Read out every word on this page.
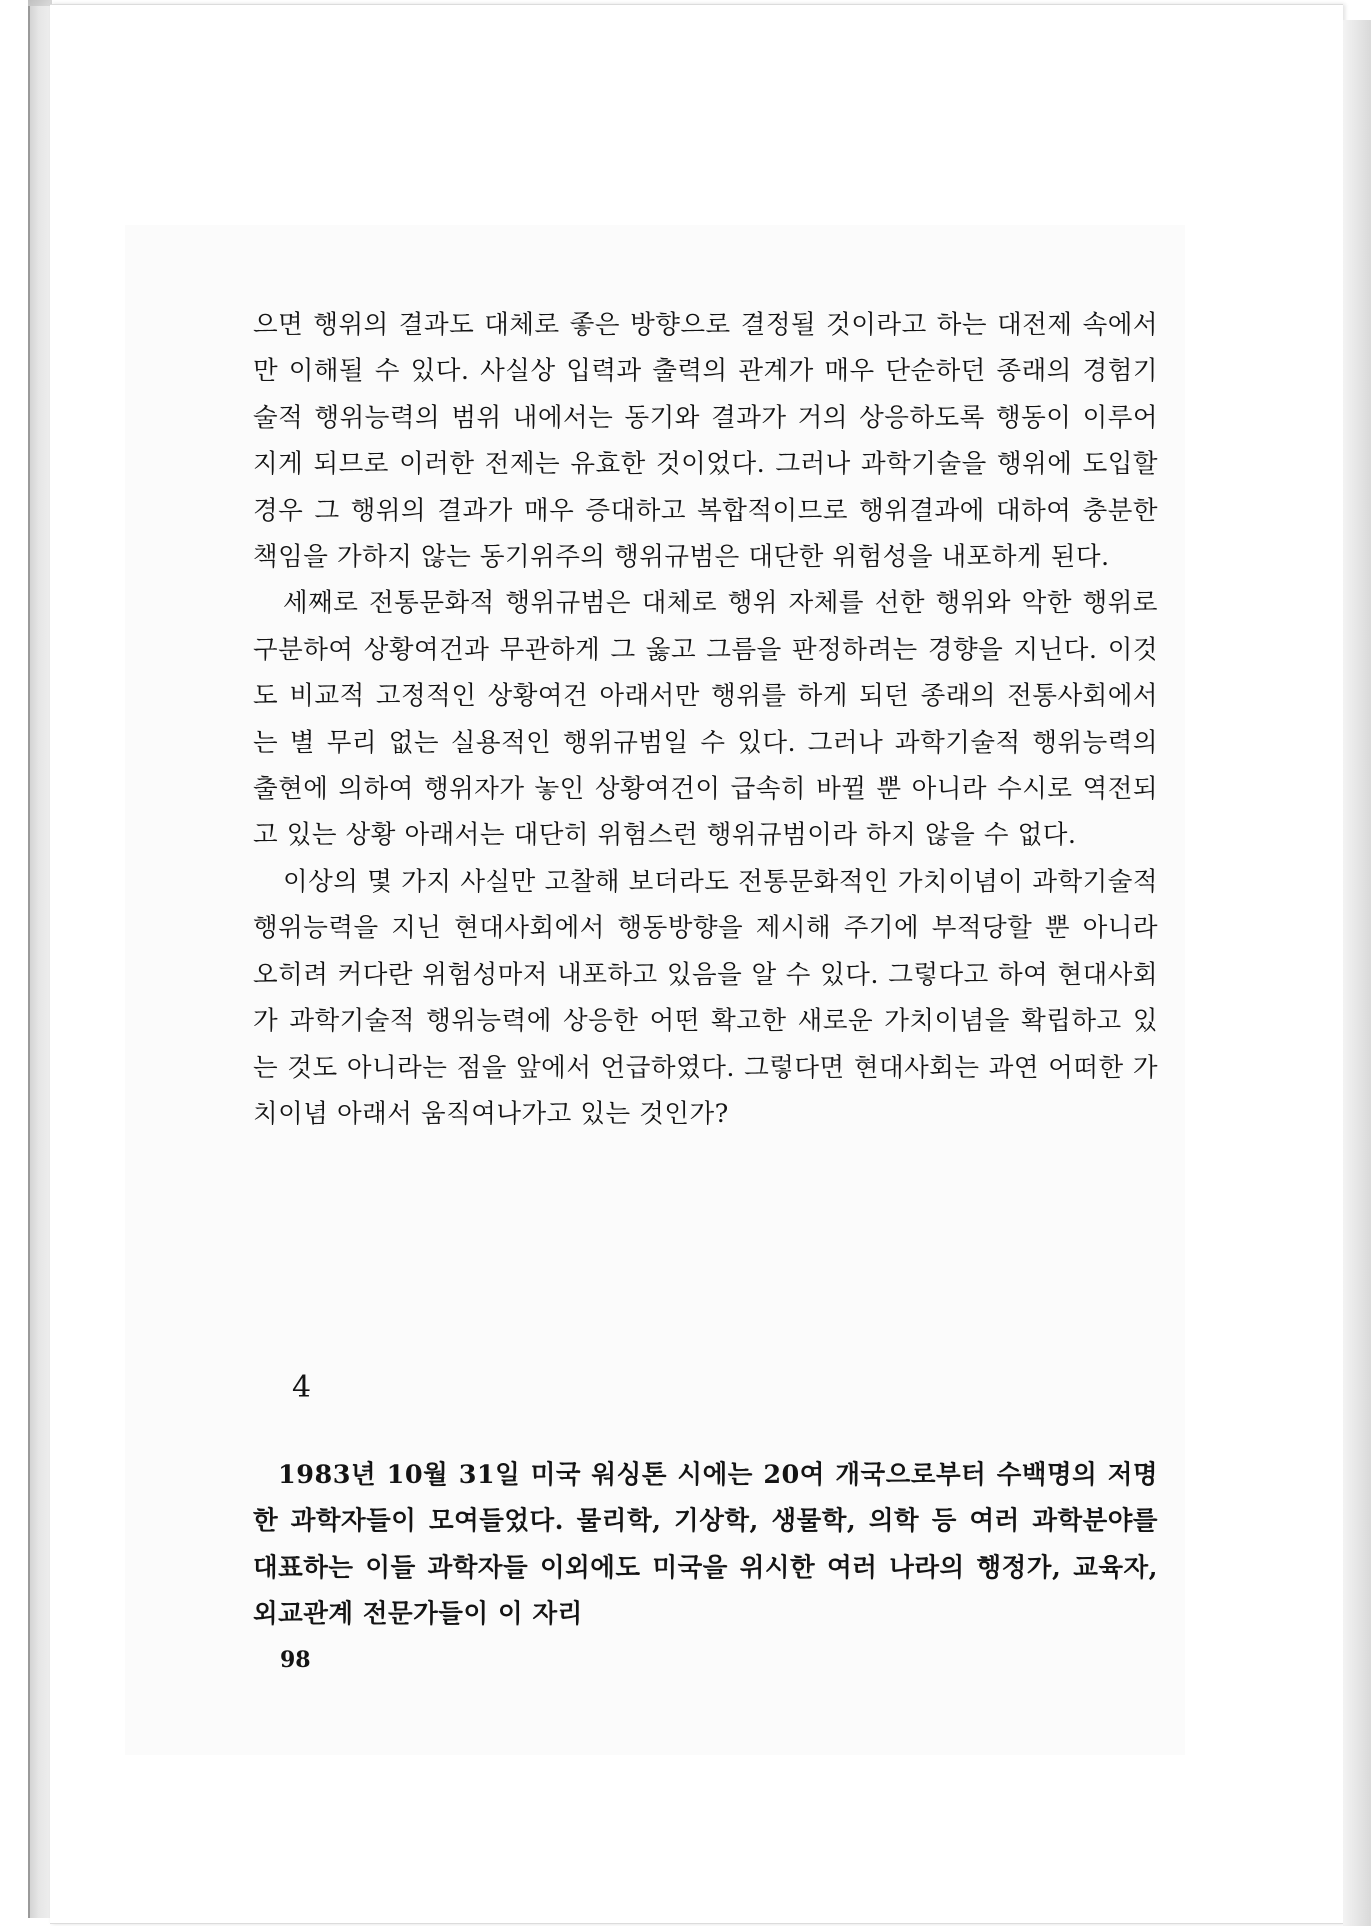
으면 행위의 결과도 대체로 좋은 방향으로 결정될 것이라고 하는 대전제 속에서만 이해될 수 있다. 사실상 입력과 출력의 관계가 매우 단순하던 종래의 경험기술적 행위능력의 범위 내에서는 동기와 결과가 거의 상응하도록 행동이 이루어지게 되므로 이러한 전제는 유효한 것이었다. 그러나 과학기술을 행위에 도입할 경우 그 행위의 결과가 매우 증대하고 복합적이므로 행위결과에 대하여 충분한 책임을 가하지 않는 동기위주의 행위규범은 대단한 위험성을 내포하게 된다.

세째로 전통문화적 행위규범은 대체로 행위 자체를 선한 행위와 악한 행위로 구분하여 상황여건과 무관하게 그 옳고 그름을 판정하려는 경향을 지닌다. 이것도 비교적 고정적인 상황여건 아래서만 행위를 하게 되던 종래의 전통사회에서는 별 무리 없는 실용적인 행위규범일 수 있다. 그러나 과학기술적 행위능력의 출현에 의하여 행위자가 놓인 상황여건이 급속히 바뀔 뿐 아니라 수시로 역전되고 있는 상황 아래서는 대단히 위험스런 행위규범이라 하지 않을 수 없다.

이상의 몇 가지 사실만 고찰해 보더라도 전통문화적인 가치이념이 과학기술적 행위능력을 지닌 현대사회에서 행동방향을 제시해 주기에 부적당할 뿐 아니라 오히려 커다란 위험성마저 내포하고 있음을 알 수 있다. 그렇다고 하여 현대사회가 과학기술적 행위능력에 상응한 어떤 확고한 새로운 가치이념을 확립하고 있는 것도 아니라는 점을 앞에서 언급하였다. 그렇다면 현대사회는 과연 어떠한 가치이념 아래서 움직여나가고 있는 것인가?

4

1983년 10월 31일 미국 워싱톤 시에는 20여 개국으로부터 수백명의 저명한 과학자들이 모여들었다. 물리학, 기상학, 생물학, 의학 등 여러 과학분야를 대표하는 이들 과학자들 이외에도 미국을 위시한 여러 나라의 행정가, 교육자, 외교관계 전문가들이 이 자리

98
